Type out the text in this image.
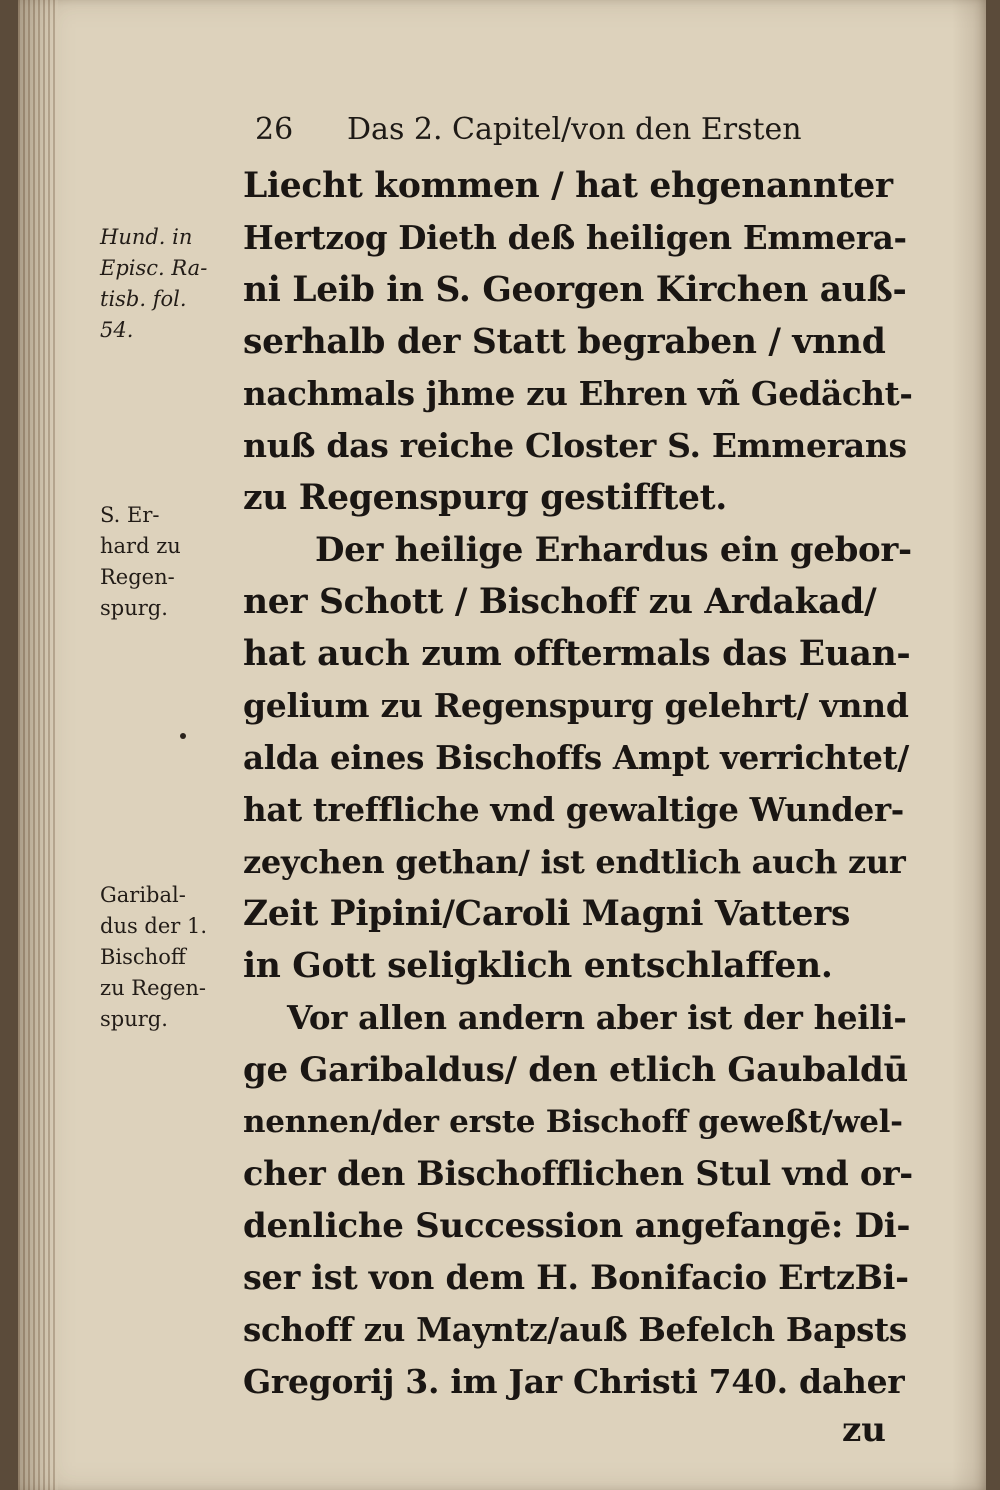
26 Das 2. Capitel/von den Ersten
Liecht kommen / hat ehgenannter
Hertzog Dieth deß heiligen Emmera-
ni Leib in S. Georgen Kirchen auß-
serhalb der Statt begraben / vnnd
nachmals jhme zu Ehren vñ Gedächt-
nuß das reiche Closter S. Emmerans
zu Regenspurg gestifftet.
Der heilige Erhardus ein gebor-
ner Schott / Bischoff zu Ardakad/
hat auch zum offtermals das Euan-
gelium zu Regenspurg gelehrt/ vnnd
alda eines Bischoffs Ampt verrichtet/
hat treffliche vnd gewaltige Wunder-
zeychen gethan/ ist endtlich auch zur
Zeit Pipini/Caroli Magni Vatters
in Gott seligklich entschlaffen.
Vor allen andern aber ist der heili-
ge Garibaldus/ den etlich Gaubaldū
nennen/der erste Bischoff geweßt/wel-
cher den Bischofflichen Stul vnd or-
denliche Succession angefangē: Di-
ser ist von dem H. Bonifacio ErtzBi-
schoff zu Mayntz/auß Befelch Bapsts
Gregorij 3. im Jar Christi 740. daher
zu
Hund. in
Episc. Ra-
tisb. fol.
54.
S. Er-
hard zu
Regen-
spurg.
Garibal-
dus der 1.
Bischoff
zu Regen-
spurg.
